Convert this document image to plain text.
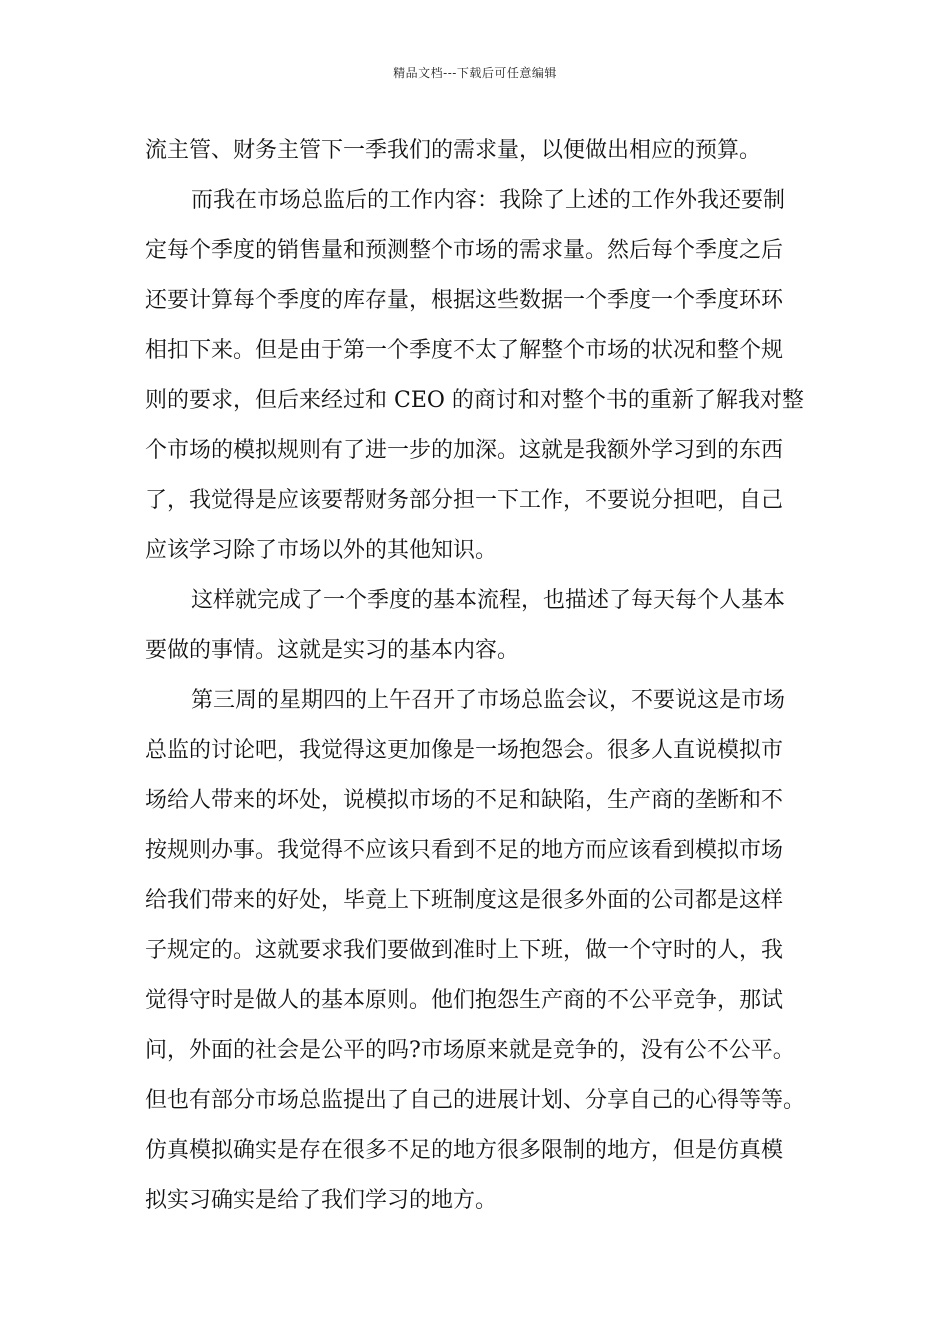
精品文档---下载后可任意编辑
流主管、财务主管下一季我们的需求量，以便做出相应的预算。
而我在市场总监后的工作内容：我除了上述的工作外我还要制
定每个季度的销售量和预测整个市场的需求量。然后每个季度之后
还要计算每个季度的库存量，根据这些数据一个季度一个季度环环
相扣下来。但是由于第一个季度不太了解整个市场的状况和整个规
则的要求，但后来经过和 CEO 的商讨和对整个书的重新了解我对整
个市场的模拟规则有了进一步的加深。这就是我额外学习到的东西
了，我觉得是应该要帮财务部分担一下工作，不要说分担吧，自己
应该学习除了市场以外的其他知识。
这样就完成了一个季度的基本流程，也描述了每天每个人基本
要做的事情。这就是实习的基本内容。
第三周的星期四的上午召开了市场总监会议，不要说这是市场
总监的讨论吧，我觉得这更加像是一场抱怨会。很多人直说模拟市
场给人带来的坏处，说模拟市场的不足和缺陷，生产商的垄断和不
按规则办事。我觉得不应该只看到不足的地方而应该看到模拟市场
给我们带来的好处，毕竟上下班制度这是很多外面的公司都是这样
子规定的。这就要求我们要做到准时上下班，做一个守时的人，我
觉得守时是做人的基本原则。他们抱怨生产商的不公平竞争，那试
问，外面的社会是公平的吗?市场原来就是竞争的，没有公不公平。
但也有部分市场总监提出了自己的进展计划、分享自己的心得等等。
仿真模拟确实是存在很多不足的地方很多限制的地方，但是仿真模
拟实习确实是给了我们学习的地方。
